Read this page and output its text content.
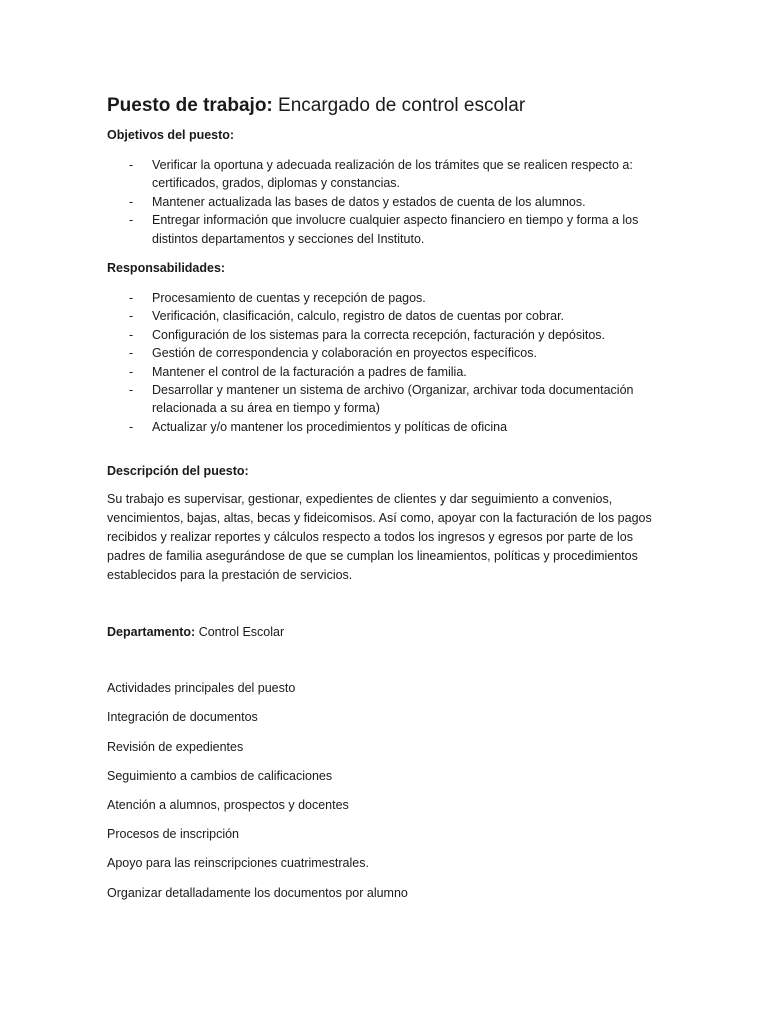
Puesto de trabajo: Encargado de control escolar
Objetivos del puesto:
- Verificar la oportuna y adecuada realización de los trámites que se realicen respecto a: certificados, grados, diplomas y constancias.
- Mantener actualizada las bases de datos y estados de cuenta de los alumnos.
- Entregar información que involucre cualquier aspecto financiero en tiempo y forma a los distintos departamentos y secciones del Instituto.
Responsabilidades:
- Procesamiento de cuentas y recepción de pagos.
- Verificación, clasificación, calculo, registro de datos de cuentas por cobrar.
- Configuración de los sistemas para la correcta recepción, facturación y depósitos.
- Gestión de correspondencia y colaboración en proyectos específicos.
- Mantener el control de la facturación a padres de familia.
- Desarrollar y mantener un sistema de archivo (Organizar, archivar toda documentación relacionada a su área en tiempo y forma)
- Actualizar y/o mantener los procedimientos y políticas de oficina
Descripción del puesto:

Su trabajo es supervisar, gestionar, expedientes de clientes y dar seguimiento a convenios, vencimientos, bajas, altas, becas y fideicomisos. Así como, apoyar con la facturación de los pagos recibidos y realizar reportes y cálculos respecto a todos los ingresos y egresos por parte de los padres de familia asegurándose de que se cumplan los lineamientos, políticas y procedimientos establecidos para la prestación de servicios.

Departamento: Control Escolar
Actividades principales del puesto
Integración de documentos
Revisión de expedientes
Seguimiento a cambios de calificaciones
Atención a alumnos, prospectos y docentes
Procesos de inscripción
Apoyo para las reinscripciones cuatrimestrales.
Organizar detalladamente los documentos por alumno
